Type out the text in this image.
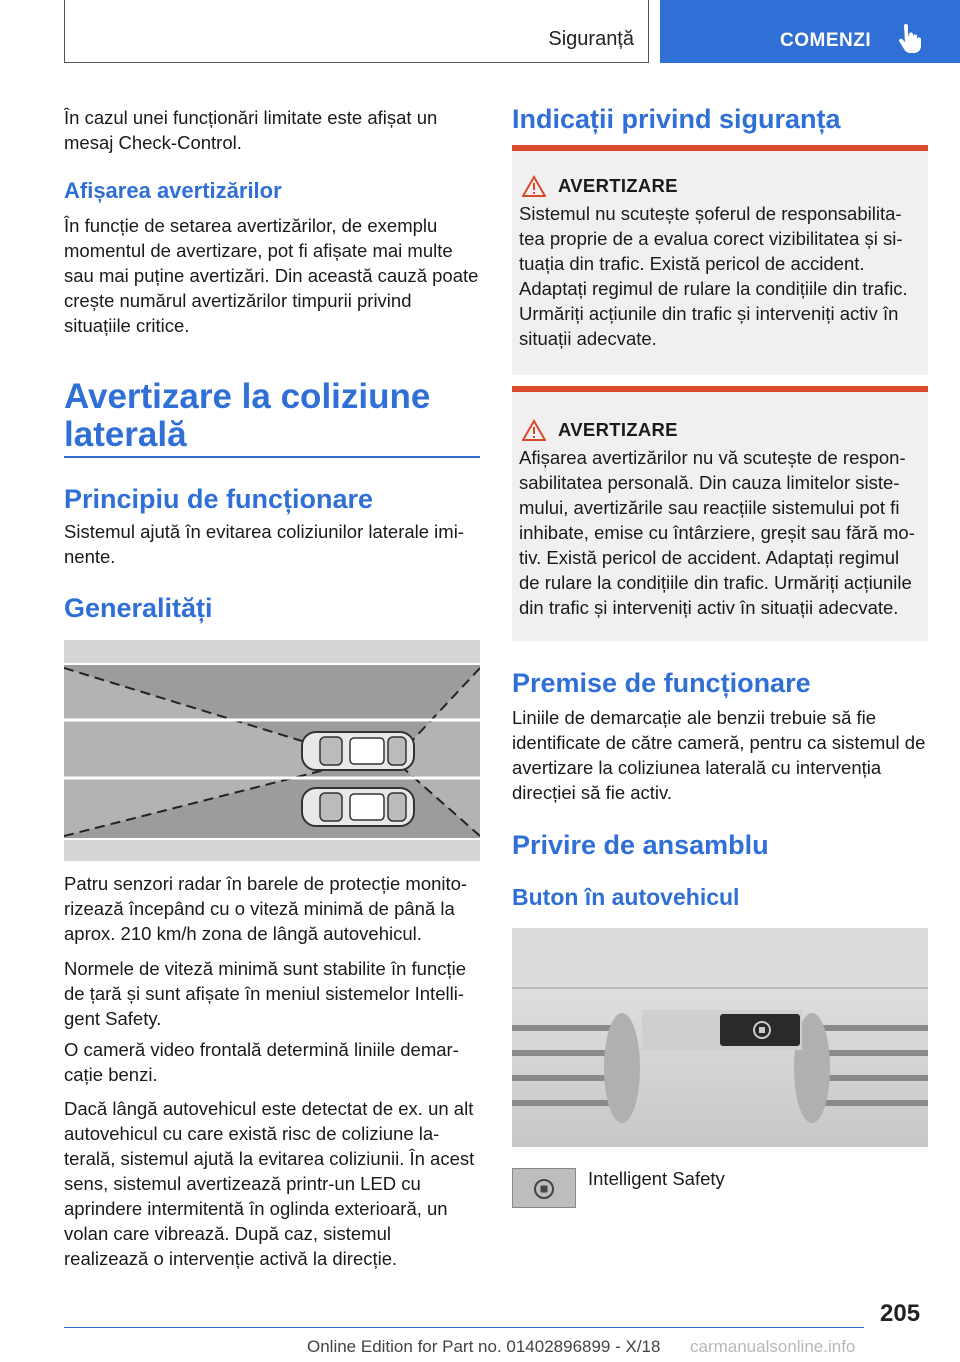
Siguranță	COMENZI

În cazul unei funcționări limitate este afișat un mesaj Check-Control.

Afișarea avertizărilor

În funcție de setarea avertizărilor, de exemplu momentul de avertizare, pot fi afișate mai multe sau mai puține avertizări. Din această cauză poate crește numărul avertizărilor timpurii privind situațiile critice.

Avertizare la coliziune laterală
Principiu de funcționare

Sistemul ajută în evitarea coliziunilor laterale imi-nente.

Generalități

Patru senzori radar în barele de protecție monito-rizează începând cu o viteză minimă de până la aprox. 210 km/h zona de lângă autovehicul.

Normele de viteză minimă sunt stabilite în funcție de țară și sunt afișate în meniul sistemelor Intelli-gent Safety.

O cameră video frontală determină liniile demar-cație benzi.

Dacă lângă autovehicul este detectat de ex. un alt autovehicul cu care există risc de coliziune la-terală, sistemul ajută la evitarea coliziunii. În acest sens, sistemul avertizează printr-un LED cu aprindere intermitentă în oglinda exterioară, un volan care vibrează. După caz, sistemul realizează o intervenție activă la direcție.

Indicații privind siguranța
AVERTIZARE

Sistemul nu scutește șoferul de responsabilita-tea proprie de a evalua corect vizibilitatea și si-tuația din trafic. Există pericol de accident. Adaptați regimul de rulare la condițiile din trafic. Urmăriți acțiunile din trafic și interveniți activ în situații adecvate.

AVERTIZARE

Afișarea avertizărilor nu vă scutește de respon-sabilitatea personală. Din cauza limitelor siste-mului, avertizările sau reacțiile sistemului pot fi inhibate, emise cu întârziere, greșit sau fără mo-tiv. Există pericol de accident. Adaptați regimul de rulare la condițiile din trafic. Urmăriți acțiunile din trafic și interveniți activ în situații adecvate.

Premise de funcționare

Liniile de demarcație ale benzii trebuie să fie identificate de către cameră, pentru ca sistemul de avertizare la coliziunea laterală cu intervenția direcției să fie activ.

Privire de ansamblu
Buton în autovehicul
Intelligent Safety
205
Online Edition for Part no. 01402896899 - X/18 carmanualsonline.info
